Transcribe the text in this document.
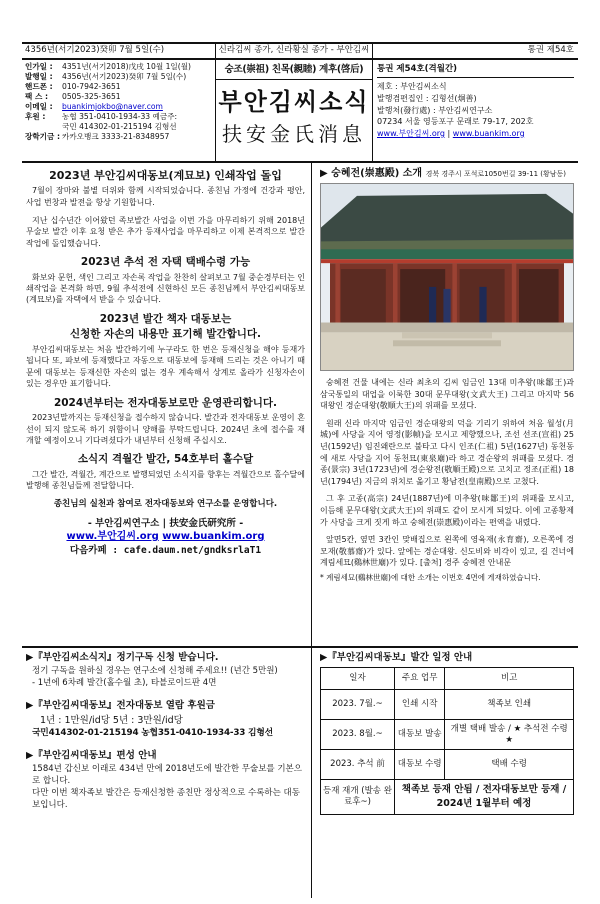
4356년(서기2023)癸卯 7월 5일(수)	신라김씨 종가, 신라황실 종가 - 부안김씨	통권 제54호
인가일 : 4351년(서기2018)戊戌 10월 1일(월)
발행일 : 4356년(서기2023)癸卯 7월 5일(수)
핸드폰 : 010-7942-3651
팩 스 : 0505-325-3651
이메일 : buankimjokbo@naver.com
후원 : 농협 351-0410-1934-33 예금주:
국민 414302-01-215194 김형선
장학기금 : 카카오뱅크 3333-21-8348957
숭조(崇祖) 친목(親睦) 계후(啓后)
부안김씨소식
扶安金氏消息
통권 제54호(격월간)
제호 : 부안김씨소식
발행겸편집인 : 김형선(炯善)
발행처(發行處) : 부안김씨연구소
07234 서울 영등포구 문래로 79-17, 202호
www.부안김씨.org | www.buankim.org
2023년 부안김씨대동보(계묘보) 인쇄작업 돌입

7월이 장마와 불볕 더위와 함께 시작되었습니다. 종친님 가정에 건강과 평안, 사업 번창과 발전을 항상 기원합니다.

지난 십수년간 이어왔던 족보발간 사업을 이번 가을 마무리하기 위해 2018년 무술보 발간 이후 요청 받은 추가 등재사업을 마무리하고 이제 본격적으로 발간 작업에 돌입했습니다.

2023년 추석 전 자택 택배수령 가능

화보와 문헌, 색인 그리고 자손록 작업을 찬찬히 살펴보고 7월 중순경부터는 인쇄작업을 본격화 하면, 9월 추석전에 신현하신 모든 종친님께서 부안김씨대동보(계묘보)를 자택에서 받을 수 있습니다.

2023년 발간 책자 대동보는
신청한 자손의 내용만 표기해 발간합니다.

부안김씨대동보는 처음 발간하기에 누구라도 한 번은 등재신청을 해야 등재가 됩니다 또, 파보에 등재했다고 자동으로 대동보에 등재해 드리는 것은 아니기 때문에 대동보는 등재신한 자손의 없는 경우 계속해서 상계로 올라가 신청자손이 있는 경우만 표기합니다.

2024년부터는 전자대동보로만 운영관리합니다.

2023년말까지는 등재신청을 접수하지 않습니다. 발간과 전자대동보 운영이 혼선이 되지 않도록 하기 위함이니 양해를 부탁드립니다. 2024년 초에 접수를 재개할 예정이오니 기다려셨다가 내년부터 신청해 주십시오.

소식지 격월간 발간, 54호부터 홀수달

그간 발간, 격월간, 계간으로 발행되었던 소식지를 향후는 격월간으로 홀수달에 발행해 종친님들께 전달합니다.

종친님의 실천과 참여로 전자대동보와 연구소를 운영합니다.
- 부안김씨연구소 | 扶安金氏研究所 -
www.부안김씨.org www.buankim.org
다음카페 : cafe.daum.net/gndksrlaT1
▶ 숭혜전(崇惠殿) 소개 경북 경주시 포석로1050번길 39-11 (황남동)

숭혜전 건물 내에는 신라 최초의 김씨 임금인 13대 미추왕(味鄒王)과 삼국통일의 대업을 이룩한 30대 문무대왕(文武大王) 그리고 마지막 56대왕인 경순대왕(敬順大王)의 위패를 모셨다.

원래 신라 마지막 임금인 경순대왕의 덕을 기리기 위하여 처음 월성(月城)에 사당을 지어 영정(影幀)을 모시고 제향했으나, 조선 선조(宣祖) 25년(1592년) 임진왜란으로 불타고 다시 인조(仁祖) 5년(1627년) 동천동에 새로 사당을 지어 동천묘(東泉廟)라 하고 경순왕의 위패를 모셨다. 경종(景宗) 3년(1723년)에 경순왕전(敬順王殿)으로 고치고 정조(正祖) 18년(1794년) 지금의 위치로 옮기고 황남전(皇南殿)으로 고쳤다.

그 후 고종(高宗) 24년(1887년)에 미추왕(味鄒王)의 위패를 모시고, 이듬해 문무대왕(文武大王)의 위패도 같이 모시게 되었다. 이에 고종황제가 사당을 크게 짓게 하고 숭혜전(崇惠殿)이라는 편액을 내렸다.

앞면5칸, 옆면 3칸인 맞배집으로 왼쪽에 영육재(永育齋), 오른쪽에 경모재(敬慕齋)가 있다. 앞에는 경순대왕. 신도비와 비각이 있고, 길 건너에 계림세묘(鷄林世廟)가 있다. [출처] 경주 숭혜전 안내문

* 계림세묘(鷄林世廟)에 대한 소개는 이번호 4면에 게재하였습니다.
▶『부안김씨소식지』정기구독 신청 받습니다.
정기 구독을 원하실 경우는 연구소에 신청해 주세요!! (년간 5만원)
- 1년에 6차례 발간(홀수월 초), 타블로이드판 4면
▶『부안김씨대동보』전자대동보 열람 후원금
1년 : 1만원/id당 5년 : 3만원/id당
국민414302-01-215194 농협351-0410-1934-33 김형선
▶『부안김씨대동보』편성 안내
1584년 갑신보 이래로 434년 만에 2018년도에 발간한 무술보를 기본으로 합니다.
다만 이번 책자족보 발간은 등재신청한 종친만 정상적으로 수록하는 대동보입니다.
▶『부안김씨대동보』발간 일정 안내
일자	주요 업무	비고
2023. 7월.~	인쇄 시작	책족보 인쇄
2023. 8월.~	대동보 발송	개별 택배 발송 / ★ 추석전 수령 ★
2023. 추석 前	대동보 수령	택배 수령
등재 재개 (발송 완료후~)	책족보 등재 안됨 / 전자대동보만 등재 / 2024년 1월부터 예정	
